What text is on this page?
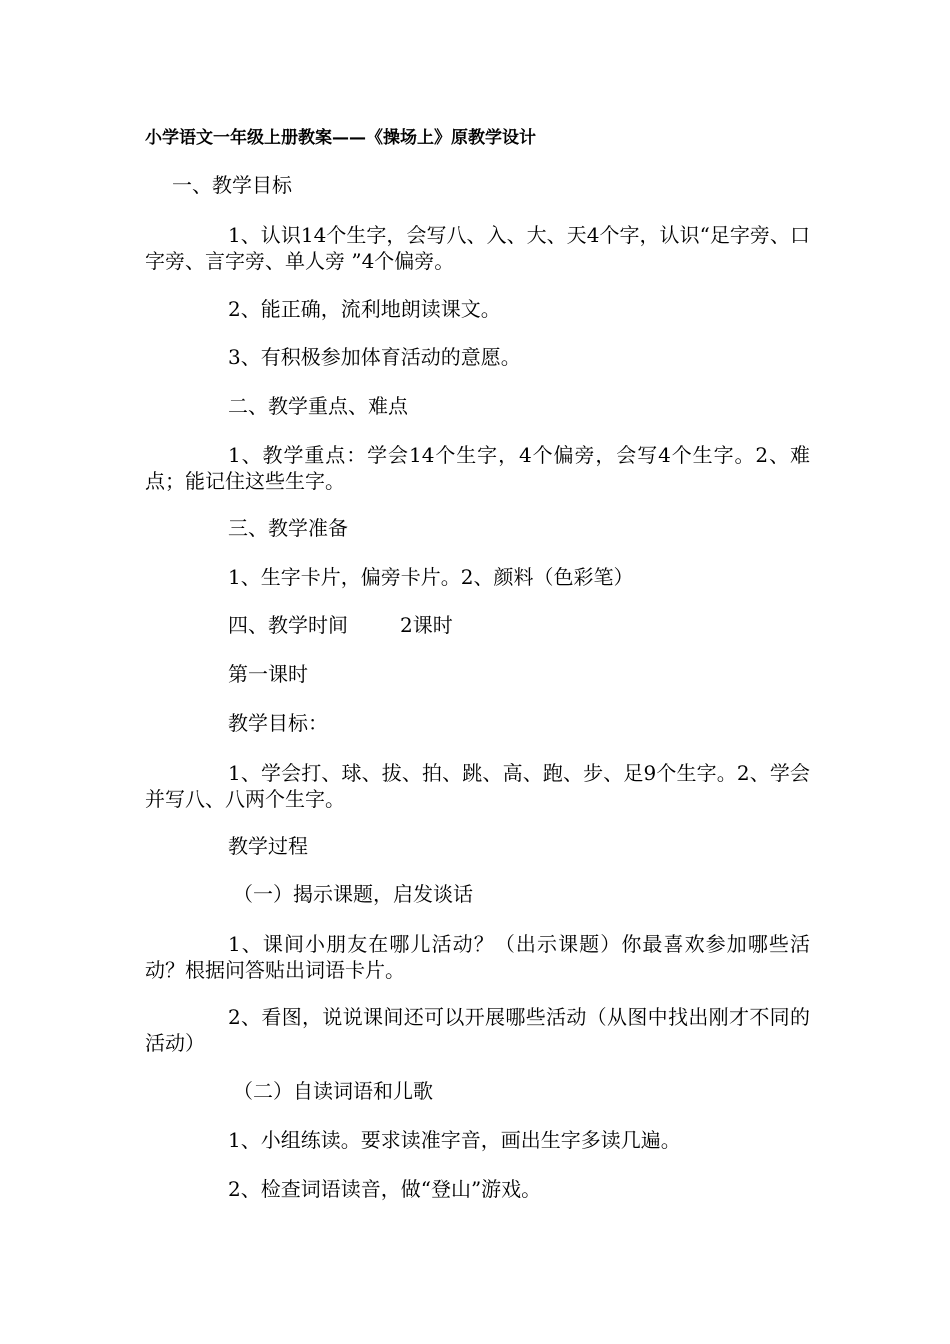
小学语文一年级上册教案——《操场上》原教学设计
一、教学目标
1、认识14个生字，会写八、入、大、天4个字，认识“足字旁、口字旁、言字旁、单人旁 ”4个偏旁。
2、能正确，流利地朗读课文。
3、有积极参加体育活动的意愿。
二、教学重点、难点
1、教学重点：学会14个生字，4个偏旁，会写4个生字。2、难点；能记住这些生字。
三、教学准备
1、生字卡片，偏旁卡片。2、颜料（色彩笔）
四、教学时间	2课时
第一课时
教学目标：
1、学会打、球、拔、拍、跳、高、跑、步、足9个生字。2、学会并写八、八两个生字。
教学过程
（一）揭示课题，启发谈话
1、课间小朋友在哪儿活动？（出示课题）你最喜欢参加哪些活动？根据问答贴出词语卡片。
2、看图，说说课间还可以开展哪些活动（从图中找出刚才不同的活动）
（二）自读词语和儿歌
1、小组练读。要求读准字音，画出生字多读几遍。
2、检查词语读音，做“登山”游戏。
